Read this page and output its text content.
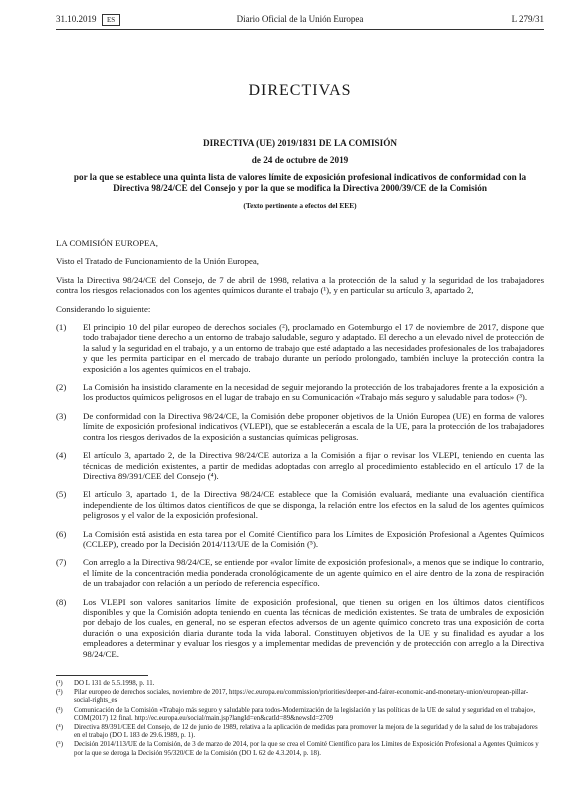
31.10.2019	ES	Diario Oficial de la Unión Europea	L 279/31
DIRECTIVAS
DIRECTIVA (UE) 2019/1831 DE LA COMISIÓN
de 24 de octubre de 2019
por la que se establece una quinta lista de valores límite de exposición profesional indicativos de conformidad con la Directiva 98/24/CE del Consejo y por la que se modifica la Directiva 2000/39/CE de la Comisión
(Texto pertinente a efectos del EEE)

LA COMISIÓN EUROPEA,

Visto el Tratado de Funcionamiento de la Unión Europea,

Vista la Directiva 98/24/CE del Consejo, de 7 de abril de 1998, relativa a la protección de la salud y la seguridad de los trabajadores contra los riesgos relacionados con los agentes químicos durante el trabajo (¹), y en particular su artículo 3, apartado 2,

Considerando lo siguiente:

(1) El principio 10 del pilar europeo de derechos sociales (²), proclamado en Gotemburgo el 17 de noviembre de 2017, dispone que todo trabajador tiene derecho a un entorno de trabajo saludable, seguro y adaptado. El derecho a un elevado nivel de protección de la salud y la seguridad en el trabajo, y a un entorno de trabajo que esté adaptado a las necesidades profesionales de los trabajadores y que les permita participar en el mercado de trabajo durante un período prolongado, también incluye la protección contra la exposición a los agentes químicos en el trabajo.
(2) La Comisión ha insistido claramente en la necesidad de seguir mejorando la protección de los trabajadores frente a la exposición a los productos químicos peligrosos en el lugar de trabajo en su Comunicación «Trabajo más seguro y saludable para todos» (³).
(3) De conformidad con la Directiva 98/24/CE, la Comisión debe proponer objetivos de la Unión Europea (UE) en forma de valores límite de exposición profesional indicativos (VLEPI), que se establecerán a escala de la UE, para la protección de los trabajadores contra los riesgos derivados de la exposición a sustancias químicas peligrosas.
(4) El artículo 3, apartado 2, de la Directiva 98/24/CE autoriza a la Comisión a fijar o revisar los VLEPI, teniendo en cuenta las técnicas de medición existentes, a partir de medidas adoptadas con arreglo al procedimiento establecido en el artículo 17 de la Directiva 89/391/CEE del Consejo (⁴).
(5) El artículo 3, apartado 1, de la Directiva 98/24/CE establece que la Comisión evaluará, mediante una evaluación científica independiente de los últimos datos científicos de que se disponga, la relación entre los efectos en la salud de los agentes químicos peligrosos y el valor de la exposición profesional.
(6) La Comisión está asistida en esta tarea por el Comité Científico para los Límites de Exposición Profesional a Agentes Químicos (CCLEP), creado por la Decisión 2014/113/UE de la Comisión (⁵).
(7) Con arreglo a la Directiva 98/24/CE, se entiende por «valor límite de exposición profesional», a menos que se indique lo contrario, el límite de la concentración media ponderada cronológicamente de un agente químico en el aire dentro de la zona de respiración de un trabajador con relación a un período de referencia específico.
(8) Los VLEPI son valores sanitarios límite de exposición profesional, que tienen su origen en los últimos datos científicos disponibles y que la Comisión adopta teniendo en cuenta las técnicas de medición existentes. Se trata de umbrales de exposición por debajo de los cuales, en general, no se esperan efectos adversos de un agente químico concreto tras una exposición de corta duración o una exposición diaria durante toda la vida laboral. Constituyen objetivos de la UE y su finalidad es ayudar a los empleadores a determinar y evaluar los riesgos y a implementar medidas de prevención y de protección con arreglo a la Directiva 98/24/CE.
(¹) DO L 131 de 5.5.1998, p. 11.
(²) Pilar europeo de derechos sociales, noviembre de 2017, https://ec.europa.eu/commission/priorities/deeper-and-fairer-economic-and-monetary-union/european-pillar-social-rights_es
(³) Comunicación de la Comisión «Trabajo más seguro y saludable para todos-Modernización de la legislación y las políticas de la UE de salud y seguridad en el trabajo», COM(2017) 12 final. http://ec.europa.eu/social/main.jsp?langId=en&catId=89&newsId=2709
(⁴) Directiva 89/391/CEE del Consejo, de 12 de junio de 1989, relativa a la aplicación de medidas para promover la mejora de la seguridad y de la salud de los trabajadores en el trabajo (DO L 183 de 29.6.1989, p. 1).
(⁵) Decisión 2014/113/UE de la Comisión, de 3 de marzo de 2014, por la que se crea el Comité Científico para los Límites de Exposición Profesional a Agentes Químicos y por la que se deroga la Decisión 95/320/CE de la Comisión (DO L 62 de 4.3.2014, p. 18).
